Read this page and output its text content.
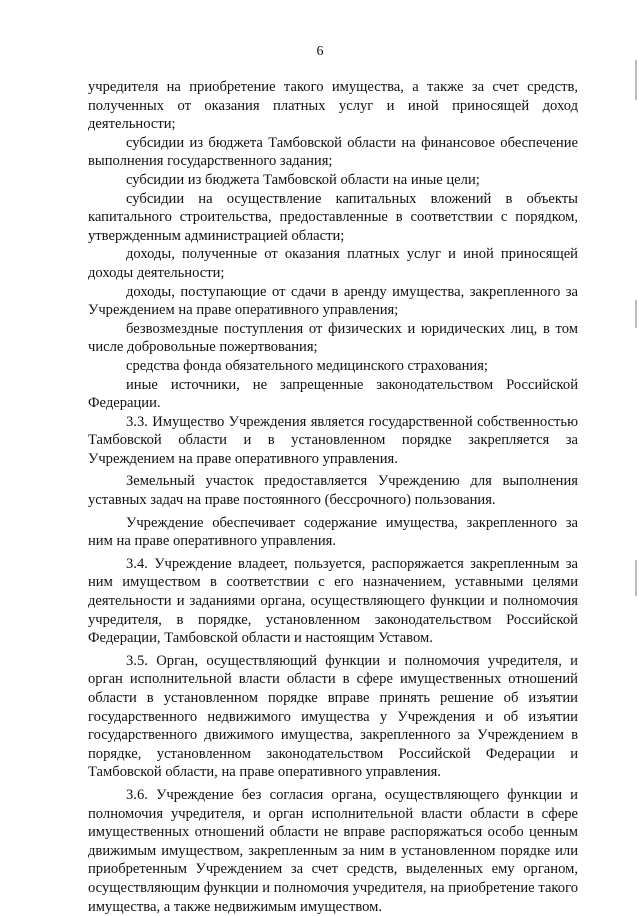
6

учредителя на приобретение такого имущества, а также за счет средств, полученных от оказания платных услуг и иной приносящей доход деятельности;

субсидии из бюджета Тамбовской области на финансовое обеспечение выполнения государственного задания;

субсидии из бюджета Тамбовской области на иные цели;

субсидии на осуществление капитальных вложений в объекты капитального строительства, предоставленные в соответствии с порядком, утвержденным администрацией области;

доходы, полученные от оказания платных услуг и иной приносящей доходы деятельности;

доходы, поступающие от сдачи в аренду имущества, закрепленного за Учреждением на праве оперативного управления;

безвозмездные поступления от физических и юридических лиц, в том числе добровольные пожертвования;

средства фонда обязательного медицинского страхования;

иные источники, не запрещенные законодательством Российской Федерации.

3.3. Имущество Учреждения является государственной собственностью Тамбовской области и в установленном порядке закрепляется за Учреждением на праве оперативного управления.

Земельный участок предоставляется Учреждению для выполнения уставных задач на праве постоянного (бессрочного) пользования.

Учреждение обеспечивает содержание имущества, закрепленного за ним на праве оперативного управления.

3.4. Учреждение владеет, пользуется, распоряжается закрепленным за ним имуществом в соответствии с его назначением, уставными целями деятельности и заданиями органа, осуществляющего функции и полномочия учредителя, в порядке, установленном законодательством Российской Федерации, Тамбовской области и настоящим Уставом.

3.5. Орган, осуществляющий функции и полномочия учредителя, и орган исполнительной власти области в сфере имущественных отношений области в установленном порядке вправе принять решение об изъятии государственного недвижимого имущества у Учреждения и об изъятии государственного движимого имущества, закрепленного за Учреждением в порядке, установленном законодательством Российской Федерации и Тамбовской области, на праве оперативного управления.

3.6. Учреждение без согласия органа, осуществляющего функции и полномочия учредителя, и орган исполнительной власти области в сфере имущественных отношений области не вправе распоряжаться особо ценным движимым имуществом, закрепленным за ним в установленном порядке или приобретенным Учреждением за счет средств, выделенных ему органом, осуществляющим функции и полномочия учредителя, на приобретение такого имущества, а также недвижимым имуществом.
